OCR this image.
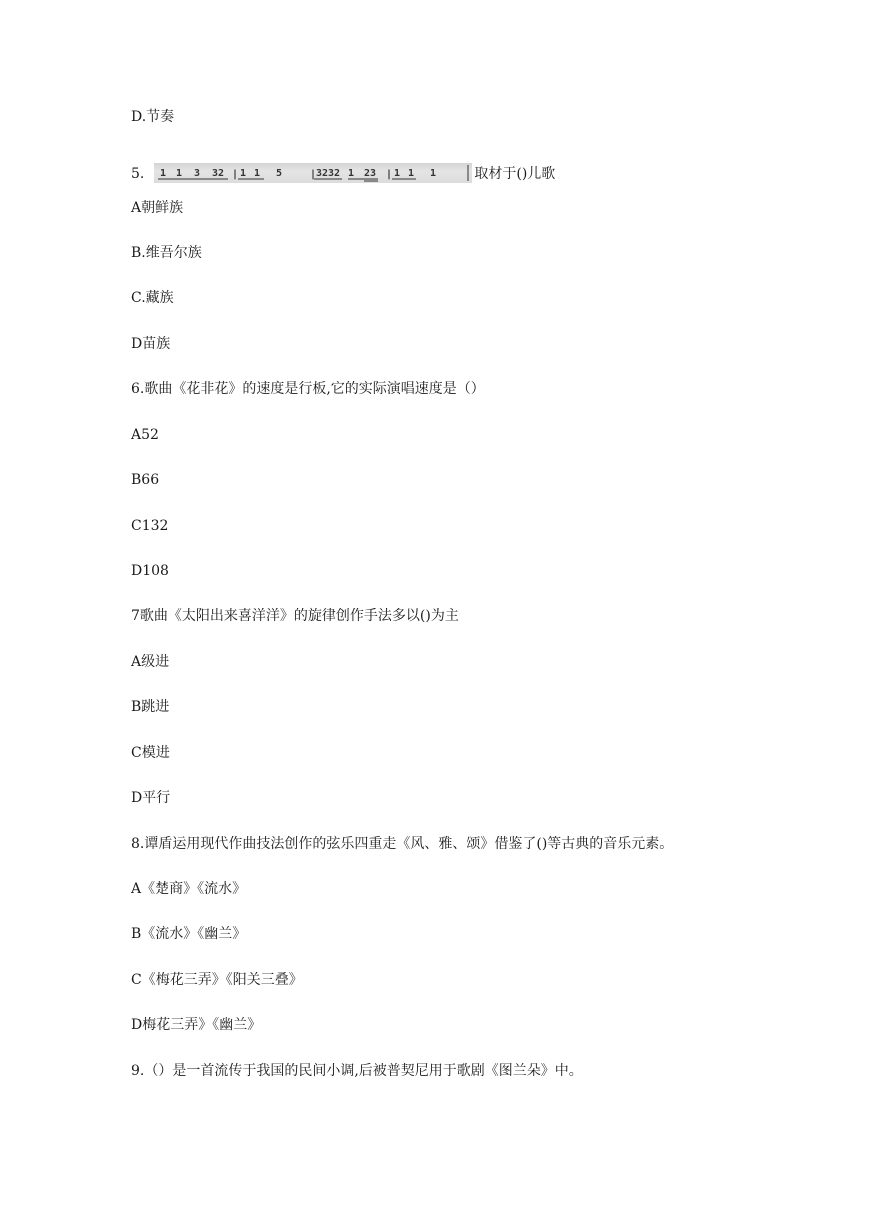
D.节奏
5. 1 1 3 32 | 1 1 5	| 3232 1 23 | 1 1 1	取材于()儿歌
A朝鲜族
B.维吾尔族
C.藏族
D苗族
6.歌曲《花非花》的速度是行板,它的实际演唱速度是（）
A52
B66
C132
D108
7歌曲《太阳出来喜洋洋》的旋律创作手法多以()为主
A级进
B跳进
C模进
D平行
8.谭盾运用现代作曲技法创作的弦乐四重走《风、雅、颂》借鉴了()等古典的音乐元素。
A《楚商》《流水》
B《流水》《幽兰》
C《梅花三弄》《阳关三叠》
D梅花三弄》《幽兰》
9.（）是一首流传于我国的民间小调,后被普契尼用于歌剧《图兰朵》中。
